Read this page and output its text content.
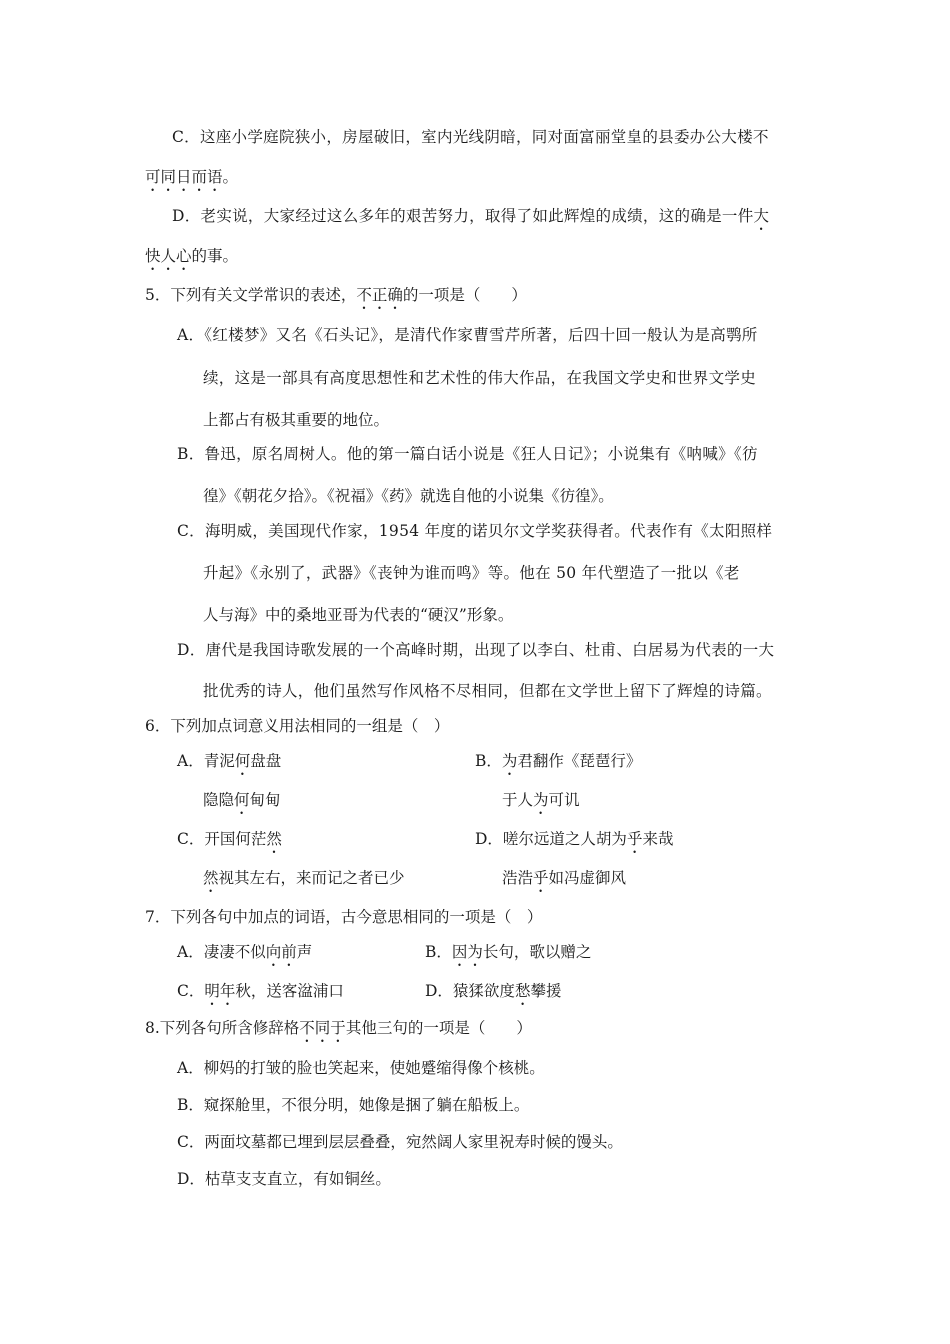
C．这座小学庭院狭小，房屋破旧，室内光线阴暗，同对面富丽堂皇的县委办公大楼不
可同日而语。
D．老实说，大家经过这么多年的艰苦努力，取得了如此辉煌的成绩，这的确是一件大
快人心的事。
5．下列有关文学常识的表述，不正确的一项是（　　）
A．《红楼梦》又名《石头记》，是清代作家曹雪芹所著，后四十回一般认为是高鹗所
续，这是一部具有高度思想性和艺术性的伟大作品，在我国文学史和世界文学史
上都占有极其重要的地位。
B．鲁迅，原名周树人。他的第一篇白话小说是《狂人日记》；小说集有《呐喊》《彷
徨》《朝花夕拾》。《祝福》《药》就选自他的小说集《彷徨》。
C．海明威，美国现代作家，1954 年度的诺贝尔文学奖获得者。代表作有《太阳照样
升起》《永别了，武器》《丧钟为谁而鸣》等。他在 50 年代塑造了一批以《老
人与海》中的桑地亚哥为代表的“硬汉”形象。
D．唐代是我国诗歌发展的一个高峰时期，出现了以李白、杜甫、白居易为代表的一大
批优秀的诗人，他们虽然写作风格不尽相同，但都在文学世上留下了辉煌的诗篇。
6．下列加点词意义用法相同的一组是（　）
A．青泥何盘盘
隐隐何甸甸
B．为君翻作《琵琶行》
于人为可讥
C．开国何茫然
然视其左右，来而记之者已少
D．嗟尔远道之人胡为乎来哉
浩浩乎如冯虚御风
7．下列各句中加点的词语，古今意思相同的一项是（　）
A．凄凄不似向前声	B．因为长句，歌以赠之
C．明年秋，送客湓浦口	D．猿猱欲度愁攀援
8.下列各句所含修辞格不同于其他三句的一项是（　　）
A．柳妈的打皱的脸也笑起来，使她蹙缩得像个核桃。
B．窥探舱里，不很分明，她像是捆了躺在船板上。
C．两面坟墓都已埋到层层叠叠，宛然阔人家里祝寿时候的馒头。
D．枯草支支直立，有如铜丝。
